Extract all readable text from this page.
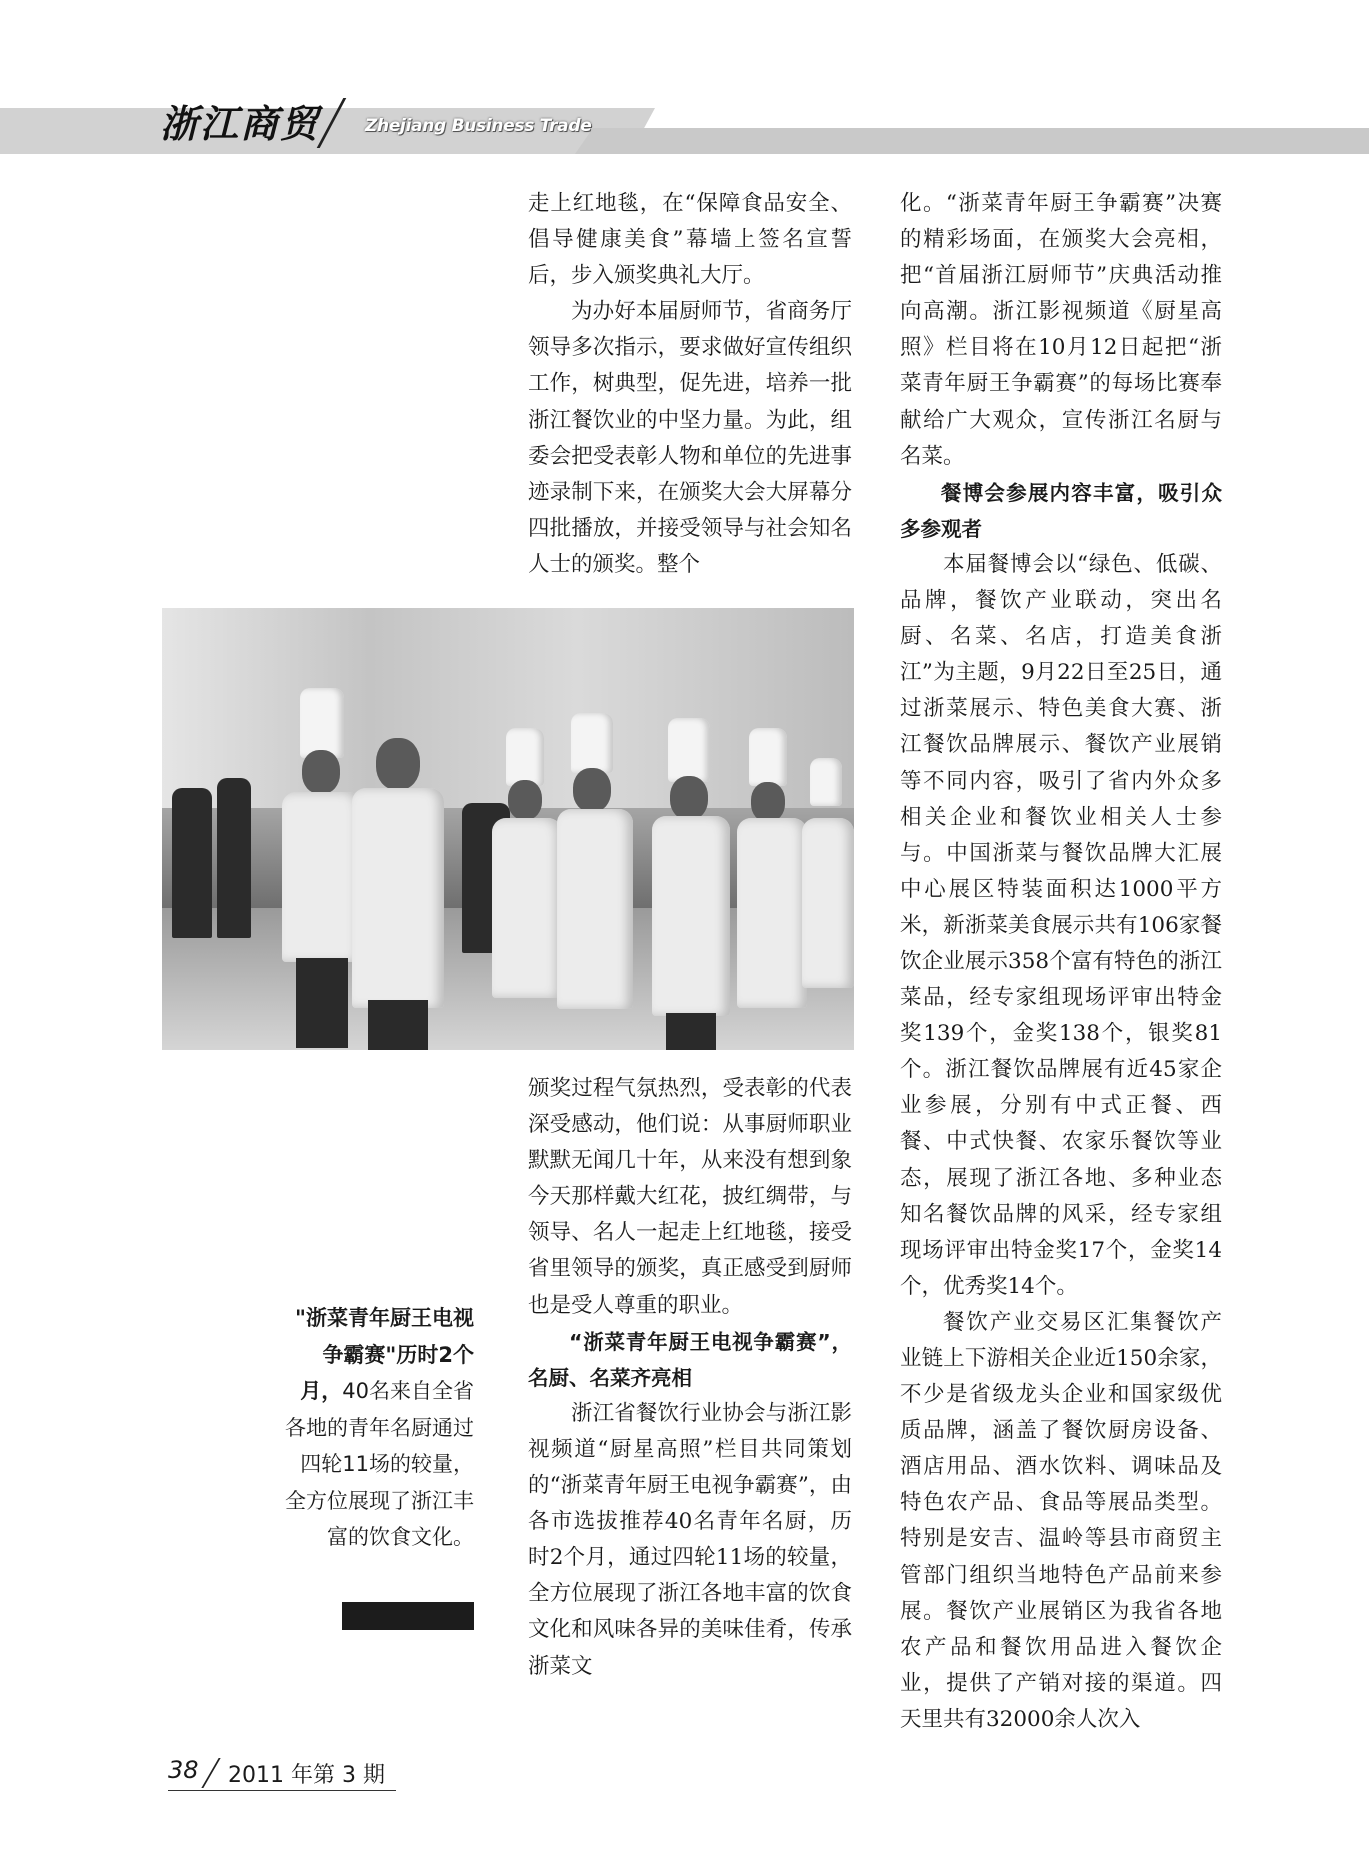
浙江商贸	Zhejiang Business Trade

走上红地毯，在“保障食品安全、倡导健康美食”幕墙上签名宣誓后，步入颁奖典礼大厅。

为办好本届厨师节，省商务厅领导多次指示，要求做好宣传组织工作，树典型，促先进，培养一批浙江餐饮业的中坚力量。为此，组委会把受表彰人物和单位的先进事迹录制下来，在颁奖大会大屏幕分四批播放，并接受领导与社会知名人士的颁奖。整个

颁奖过程气氛热烈，受表彰的代表深受感动，他们说：从事厨师职业默默无闻几十年，从来没有想到象今天那样戴大红花，披红绸带，与领导、名人一起走上红地毯，接受省里领导的颁奖，真正感受到厨师也是受人尊重的职业。

“浙菜青年厨王电视争霸赛”，名厨、名菜齐亮相

浙江省餐饮行业协会与浙江影视频道“厨星高照”栏目共同策划的“浙菜青年厨王电视争霸赛”，由各市选拔推荐40名青年名厨，历时2个月，通过四轮11场的较量，全方位展现了浙江各地丰富的饮食文化和风味各异的美味佳肴，传承浙菜文

化。“浙菜青年厨王争霸赛”决赛的精彩场面，在颁奖大会亮相，把“首届浙江厨师节”庆典活动推向高潮。浙江影视频道《厨星高照》栏目将在10月12日起把“浙菜青年厨王争霸赛”的每场比赛奉献给广大观众，宣传浙江名厨与名菜。

餐博会参展内容丰富，吸引众多参观者

本届餐博会以“绿色、低碳、品牌，餐饮产业联动，突出名厨、名菜、名店，打造美食浙江”为主题，9月22日至25日，通过浙菜展示、特色美食大赛、浙江餐饮品牌展示、餐饮产业展销等不同内容，吸引了省内外众多相关企业和餐饮业相关人士参与。中国浙菜与餐饮品牌大汇展中心展区特装面积达1000平方米，新浙菜美食展示共有106家餐饮企业展示358个富有特色的浙江菜品，经专家组现场评审出特金奖139个，金奖138个，银奖81个。浙江餐饮品牌展有近45家企业参展，分别有中式正餐、西餐、中式快餐、农家乐餐饮等业态，展现了浙江各地、多种业态知名餐饮品牌的风采，经专家组现场评审出特金奖17个，金奖14个，优秀奖14个。

餐饮产业交易区汇集餐饮产业链上下游相关企业近150余家，不少是省级龙头企业和国家级优质品牌，涵盖了餐饮厨房设备、酒店用品、酒水饮料、调味品及特色农产品、食品等展品类型。特别是安吉、温岭等县市商贸主管部门组织当地特色产品前来参展。餐饮产业展销区为我省各地农产品和餐饮用品进入餐饮企业，提供了产销对接的渠道。四天里共有32000余人次入

"浙菜青年厨王电视争霸赛"历时2个月，40名来自全省各地的青年名厨通过四轮11场的较量，全方位展现了浙江丰富的饮食文化。
38 2011 年第 3 期
